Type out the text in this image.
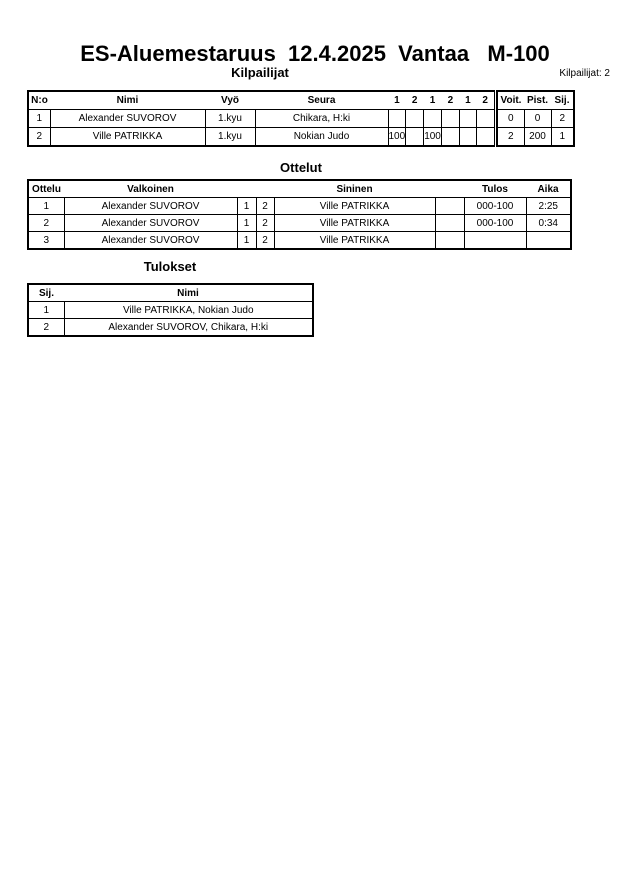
ES-Aluemestaruus  12.4.2025  Vantaa   M-100
Kilpailijat	Kilpailijat: 2
N:o	Nimi	Vyö	Seura	1	2	1	2	1	2
1	Alexander SUVOROV	1.kyu	Chikara, H:ki						
2	Ville PATRIKKA	1.kyu	Nokian Judo	100		100			
Voit.	Pist.	Sij.
0	0	2
2	200	1
Ottelut
Ottelu	Valkoinen			Sininen		Tulos	Aika
1	Alexander SUVOROV	1	2	Ville PATRIKKA		000-100	2:25
2	Alexander SUVOROV	1	2	Ville PATRIKKA		000-100	0:34
3	Alexander SUVOROV	1	2	Ville PATRIKKA			
Tulokset
Sij.	Nimi
1	Ville PATRIKKA, Nokian Judo
2	Alexander SUVOROV, Chikara, H:ki
